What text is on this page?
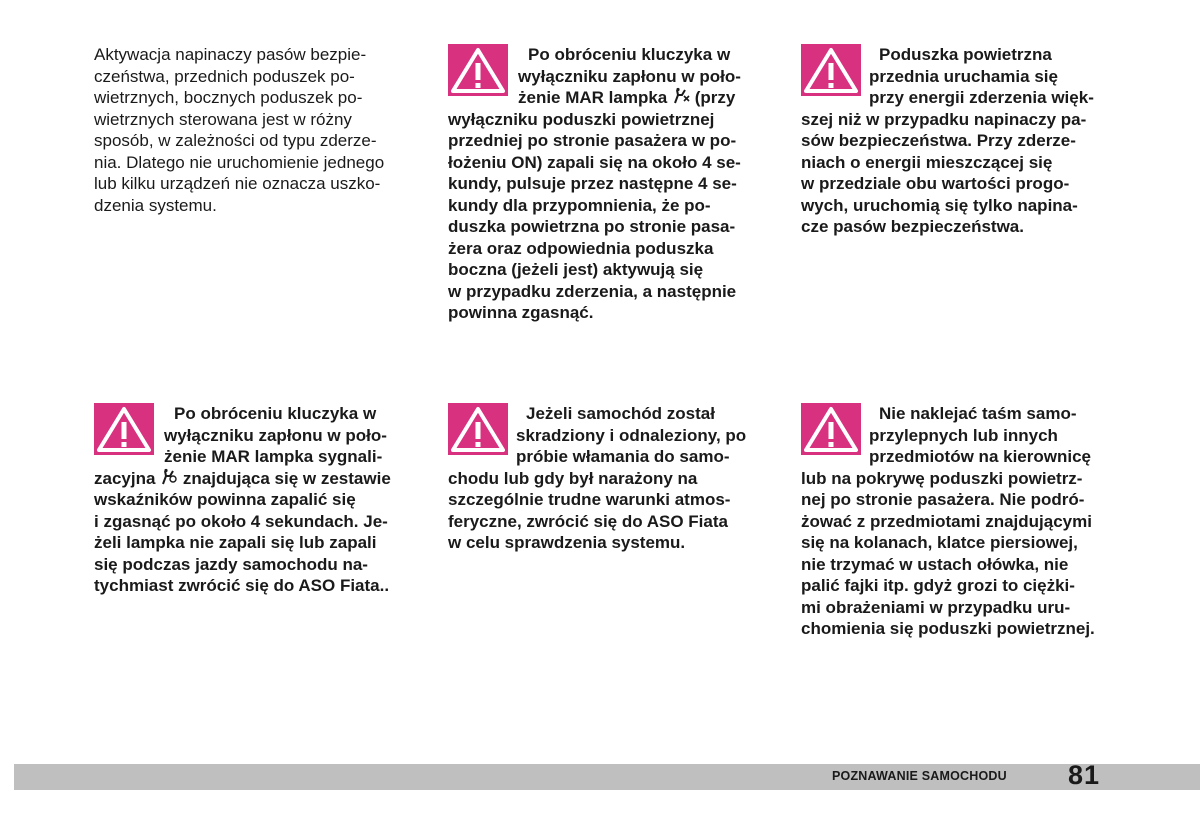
Aktywacja napinaczy pasów bezpie-
czeństwa, przednich poduszek po-
wietrznych, bocznych poduszek po-
wietrznych sterowana jest w różny
sposób, w zależności od typu zderze-
nia. Dlatego nie uruchomienie jednego
lub kilku urządzeń nie oznacza uszko-
dzenia systemu.
Po obróceniu kluczyka w
wyłączniku zapłonu w poło-
żenie MAR lampka (przy
wyłączniku poduszki powietrznej
przedniej po stronie pasażera w po-
łożeniu ON) zapali się na około 4 se-
kundy, pulsuje przez następne 4 se-
kundy dla przypomnienia, że po-
duszka powietrzna po stronie pasa-
żera oraz odpowiednia poduszka
boczna (jeżeli jest) aktywują się
w przypadku zderzenia, a następnie
powinna zgasnąć.
Poduszka powietrzna
przednia uruchamia się
przy energii zderzenia więk-
szej niż w przypadku napinaczy pa-
sów bezpieczeństwa. Przy zderze-
niach o energii mieszczącej się
w przedziale obu wartości progo-
wych, uruchomią się tylko napina-
cze pasów bezpieczeństwa.
Po obróceniu kluczyka w
wyłączniku zapłonu w poło-
żenie MAR lampka sygnali-
zacyjna znajdująca się w zestawie
wskaźników powinna zapalić się
i zgasnąć po około 4 sekundach. Je-
żeli lampka nie zapali się lub zapali
się podczas jazdy samochodu na-
tychmiast zwrócić się do ASO Fiata..
Jeżeli samochód został
skradziony i odnaleziony, po
próbie włamania do samo-
chodu lub gdy był narażony na
szczególnie trudne warunki atmos-
feryczne, zwrócić się do ASO Fiata
w celu sprawdzenia systemu.
Nie naklejać taśm samo-
przylepnych lub innych
przedmiotów na kierownicę
lub na pokrywę poduszki powietrz-
nej po stronie pasażera. Nie podró-
żować z przedmiotami znajdującymi
się na kolanach, klatce piersiowej,
nie trzymać w ustach ołówka, nie
palić fajki itp. gdyż grozi to ciężki-
mi obrażeniami w przypadku uru-
chomienia się poduszki powietrznej.
POZNAWANIE SAMOCHODU 81
